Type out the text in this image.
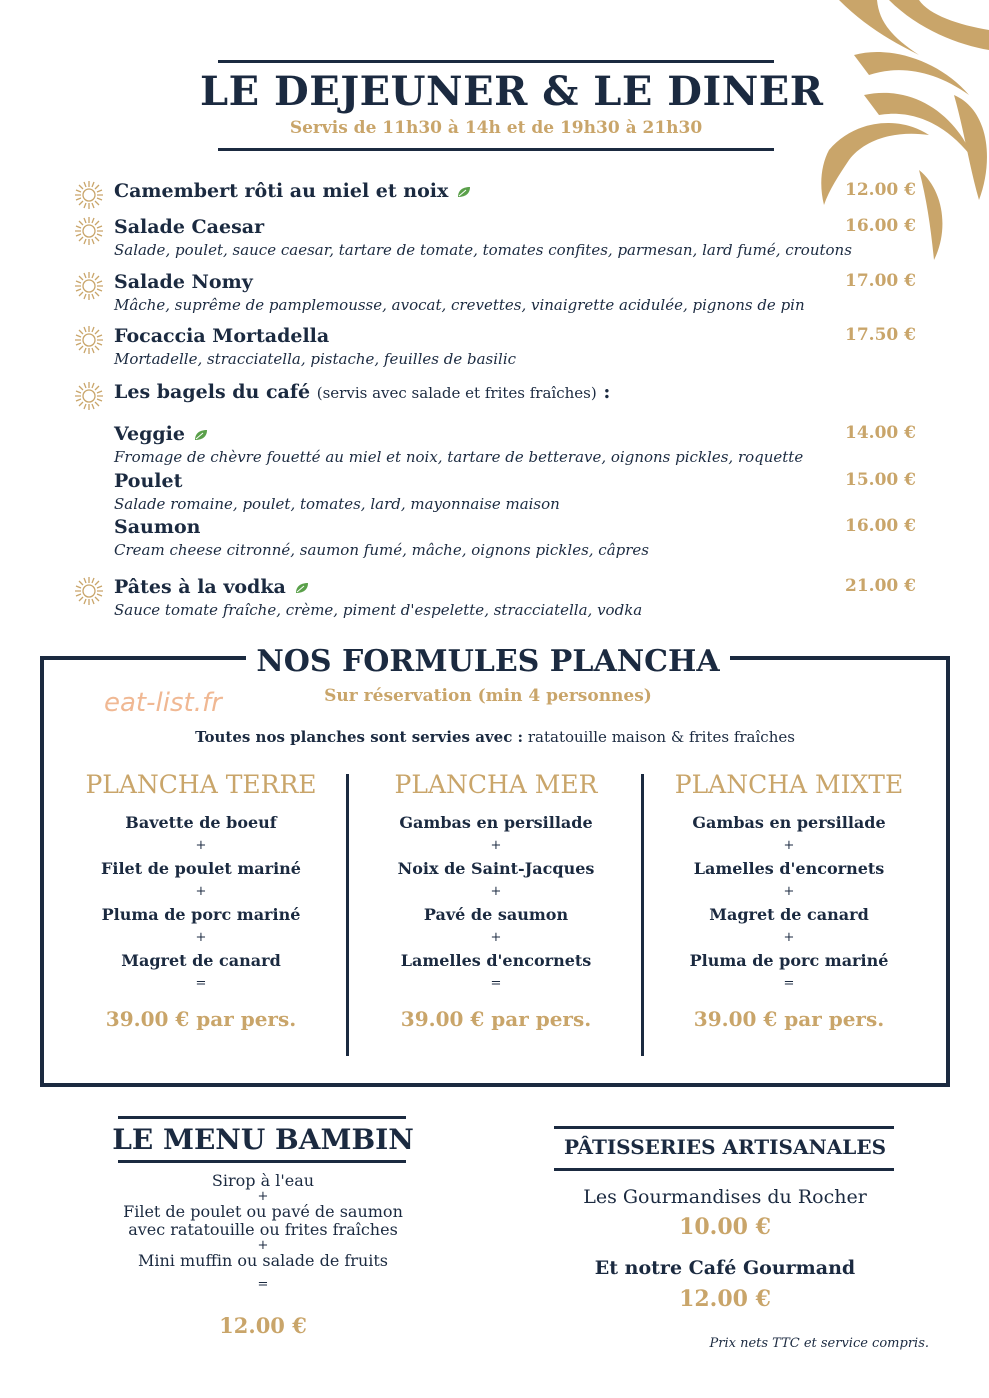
LE DEJEUNER & LE DINER
Servis de 11h30 à 14h et de 19h30 à 21h30
Camembert rôti au miel et noix	12.00 €
Salade Caesar
Salade, poulet, sauce caesar, tartare de tomate, tomates confites, parmesan, lard fumé, croutons
16.00 €
Salade Nomy
Mâche, suprême de pamplemousse, avocat, crevettes, vinaigrette acidulée, pignons de pin
17.00 €
Focaccia Mortadella
Mortadelle, stracciatella, pistache, feuilles de basilic
17.50 €
Les bagels du café (servis avec salade et frites fraîches) :
Veggie
Fromage de chèvre fouetté au miel et noix, tartare de betterave, oignons pickles, roquette
14.00 €
Poulet
Salade romaine, poulet, tomates, lard, mayonnaise maison
15.00 €
Saumon
Cream cheese citronné, saumon fumé, mâche, oignons pickles, câpres
16.00 €
Pâtes à la vodka
Sauce tomate fraîche, crème, piment d'espelette, stracciatella, vodka
21.00 €
NOS FORMULES PLANCHA
Sur réservation (min 4 personnes)
eat-list.fr
Toutes nos planches sont servies avec : ratatouille maison & frites fraîches
PLANCHA TERRE
Bavette de boeuf
+
Filet de poulet mariné
+
Pluma de porc mariné
+
Magret de canard
=
39.00 € par pers.
PLANCHA MER
Gambas en persillade
+
Noix de Saint-Jacques
+
Pavé de saumon
+
Lamelles d'encornets
=
39.00 € par pers.
PLANCHA MIXTE
Gambas en persillade
+
Lamelles d'encornets
+
Magret de canard
+
Pluma de porc mariné
=
39.00 € par pers.
LE MENU BAMBIN
Sirop à l'eau
+
Filet de poulet ou pavé de saumon
avec ratatouille ou frites fraîches
+
Mini muffin ou salade de fruits
=
12.00 €
PÂTISSERIES ARTISANALES
Les Gourmandises du Rocher
10.00 €
Et notre Café Gourmand
12.00 €
Prix nets TTC et service compris.
